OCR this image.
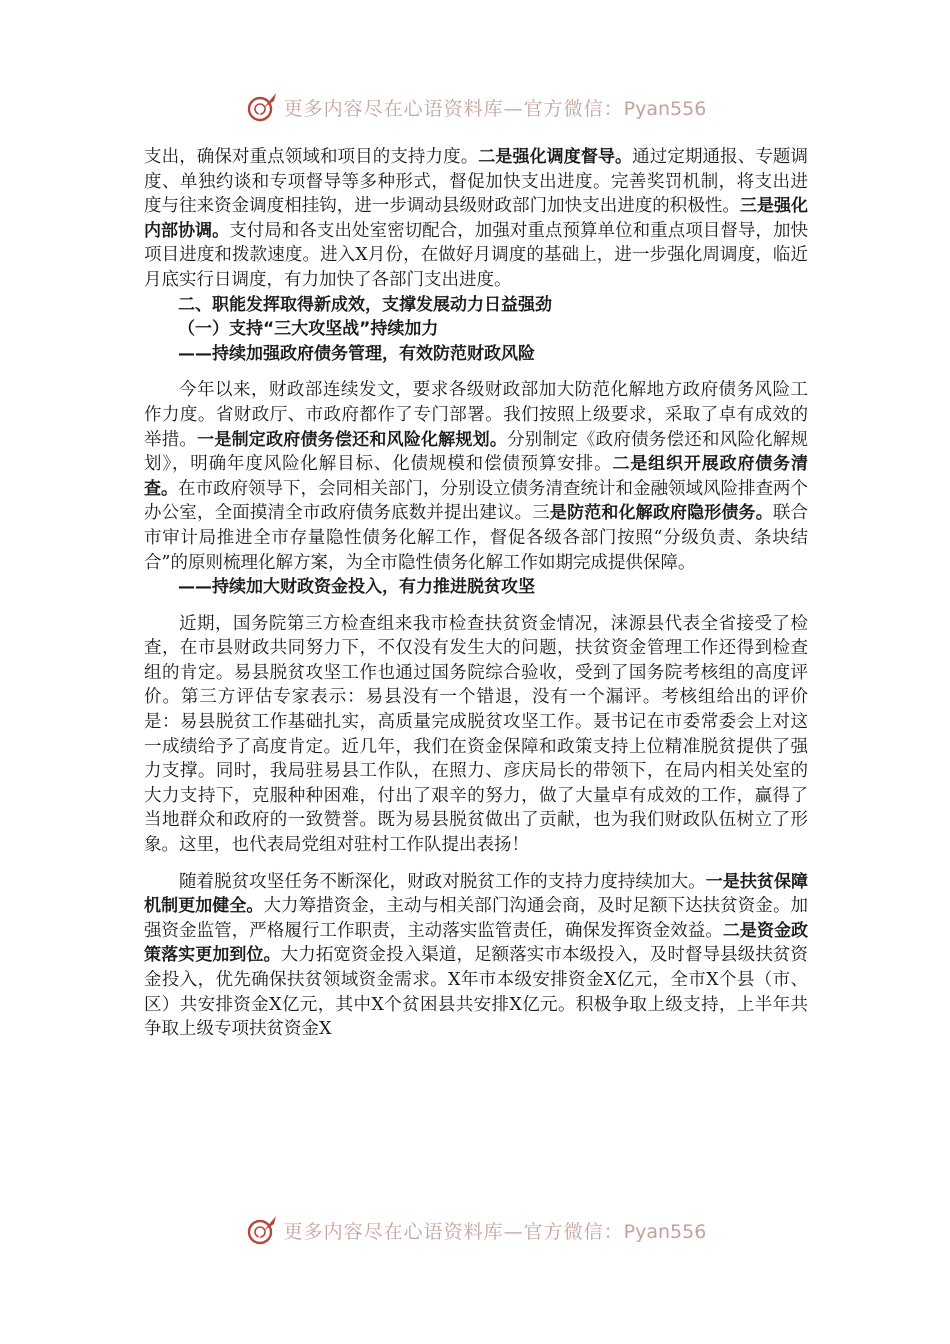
更多内容尽在心语资料库—官方微信：Pyan556

支出，确保对重点领域和项目的支持力度。二是强化调度督导。通过定期通报、专题调度、单独约谈和专项督导等多种形式，督促加快支出进度。完善奖罚机制，将支出进度与往来资金调度相挂钩，进一步调动县级财政部门加快支出进度的积极性。三是强化内部协调。支付局和各支出处室密切配合，加强对重点预算单位和重点项目督导，加快项目进度和拨款速度。进入X月份，在做好月调度的基础上，进一步强化周调度，临近月底实行日调度，有力加快了各部门支出进度。

二、职能发挥取得新成效，支撑发展动力日益强劲

（一）支持“三大攻坚战”持续加力

——持续加强政府债务管理，有效防范财政风险

今年以来，财政部连续发文，要求各级财政部加大防范化解地方政府债务风险工作力度。省财政厅、市政府都作了专门部署。我们按照上级要求，采取了卓有成效的举措。一是制定政府债务偿还和风险化解规划。分别制定《政府债务偿还和风险化解规划》，明确年度风险化解目标、化债规模和偿债预算安排。二是组织开展政府债务清查。在市政府领导下，会同相关部门，分别设立债务清查统计和金融领域风险排查两个办公室，全面摸清全市政府债务底数并提出建议。三是防范和化解政府隐形债务。联合市审计局推进全市存量隐性债务化解工作，督促各级各部门按照“分级负责、条块结合”的原则梳理化解方案，为全市隐性债务化解工作如期完成提供保障。

——持续加大财政资金投入，有力推进脱贫攻坚

近期，国务院第三方检查组来我市检查扶贫资金情况，涞源县代表全省接受了检查，在市县财政共同努力下，不仅没有发生大的问题，扶贫资金管理工作还得到检查组的肯定。易县脱贫攻坚工作也通过国务院综合验收，受到了国务院考核组的高度评价。第三方评估专家表示：易县没有一个错退，没有一个漏评。考核组给出的评价是：易县脱贫工作基础扎实，高质量完成脱贫攻坚工作。聂书记在市委常委会上对这一成绩给予了高度肯定。近几年，我们在资金保障和政策支持上位精准脱贫提供了强力支撑。同时，我局驻易县工作队，在照力、彦庆局长的带领下，在局内相关处室的大力支持下，克服种种困难，付出了艰辛的努力，做了大量卓有成效的工作，赢得了当地群众和政府的一致赞誉。既为易县脱贫做出了贡献，也为我们财政队伍树立了形象。这里，也代表局党组对驻村工作队提出表扬！

随着脱贫攻坚任务不断深化，财政对脱贫工作的支持力度持续加大。一是扶贫保障机制更加健全。大力筹措资金，主动与相关部门沟通会商，及时足额下达扶贫资金。加强资金监管，严格履行工作职责，主动落实监管责任，确保发挥资金效益。二是资金政策落实更加到位。大力拓宽资金投入渠道，足额落实市本级投入，及时督导县级扶贫资金投入，优先确保扶贫领域资金需求。X年市本级安排资金X亿元，全市X个县（市、区）共安排资金X亿元，其中X个贫困县共安排X亿元。积极争取上级支持，上半年共争取上级专项扶贫资金X

更多内容尽在心语资料库—官方微信：Pyan556
